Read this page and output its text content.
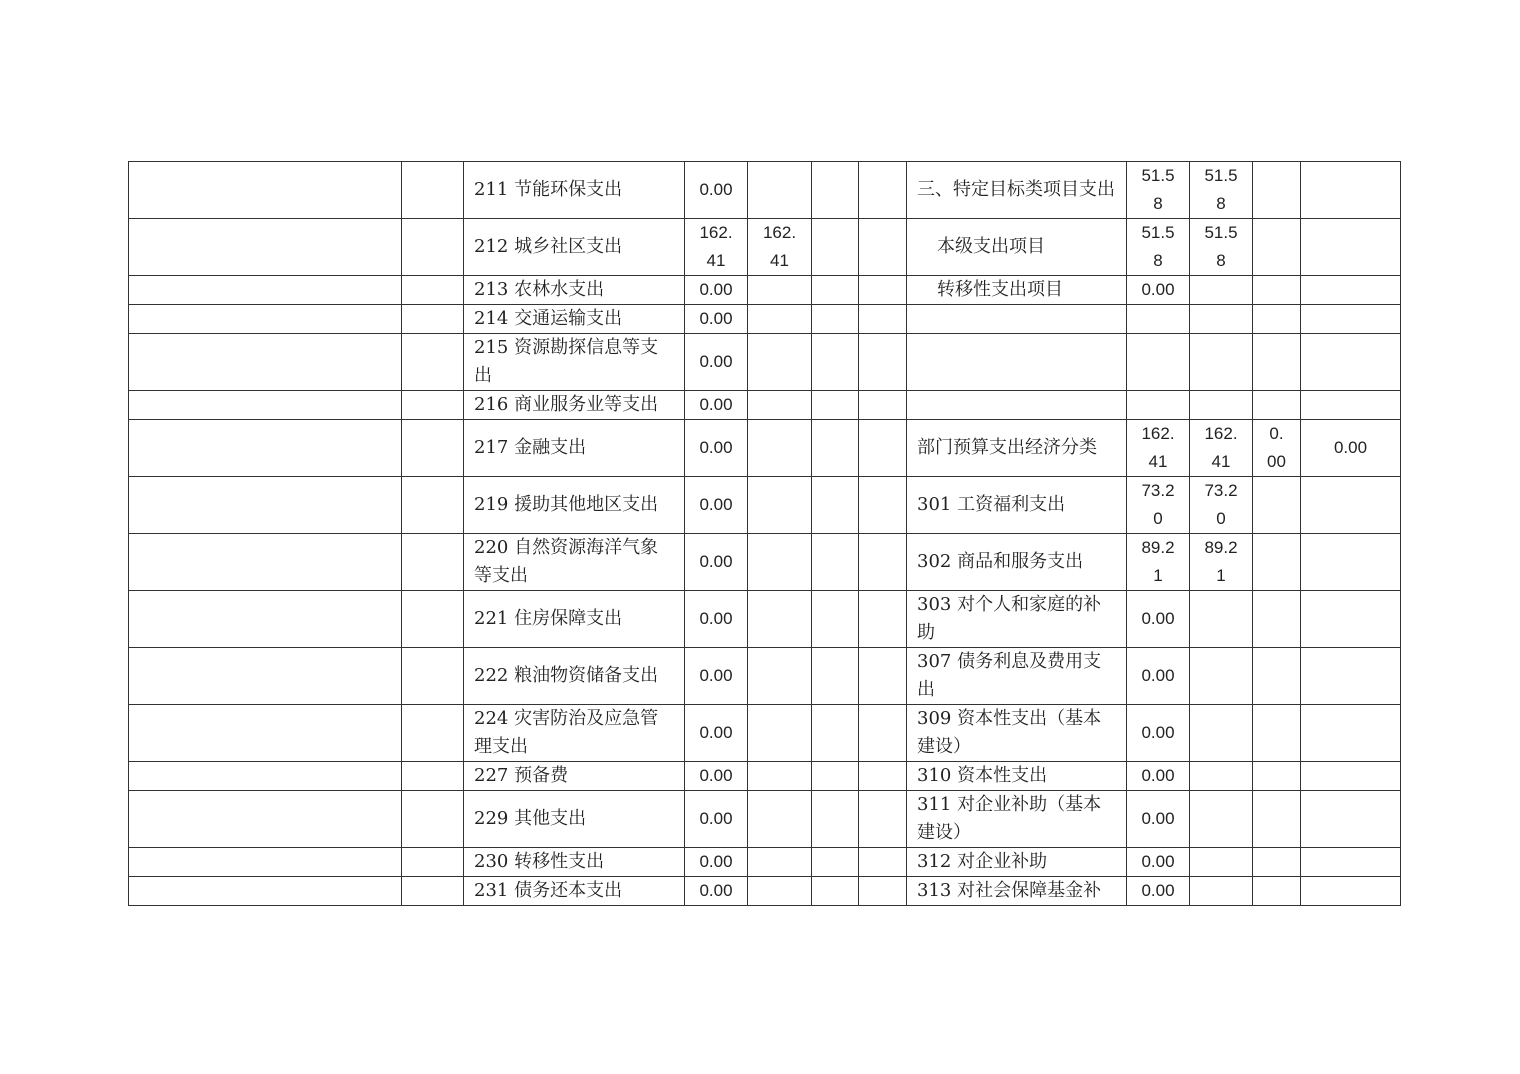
		211 节能环保支出	0.00				三、特定目标类项目支出	51.58	51.58		
		212 城乡社区支出	162.41	162.41			本级支出项目	51.58	51.58		
		213 农林水支出	0.00				转移性支出项目	0.00			
		214 交通运输支出	0.00								
		215 资源勘探信息等支出	0.00								
		216 商业服务业等支出	0.00								
		217 金融支出	0.00				部门预算支出经济分类	162.41	162.41	0.00	0.00
		219 援助其他地区支出	0.00				301 工资福利支出	73.20	73.20		
		220 自然资源海洋气象等支出	0.00				302 商品和服务支出	89.21	89.21		
		221 住房保障支出	0.00				303 对个人和家庭的补助	0.00			
		222 粮油物资储备支出	0.00				307 债务利息及费用支出	0.00			
		224 灾害防治及应急管理支出	0.00				309 资本性支出（基本建设）	0.00			
		227 预备费	0.00				310 资本性支出	0.00			
		229 其他支出	0.00				311 对企业补助（基本建设）	0.00			
		230 转移性支出	0.00				312 对企业补助	0.00			
		231 债务还本支出	0.00				313 对社会保障基金补	0.00			
